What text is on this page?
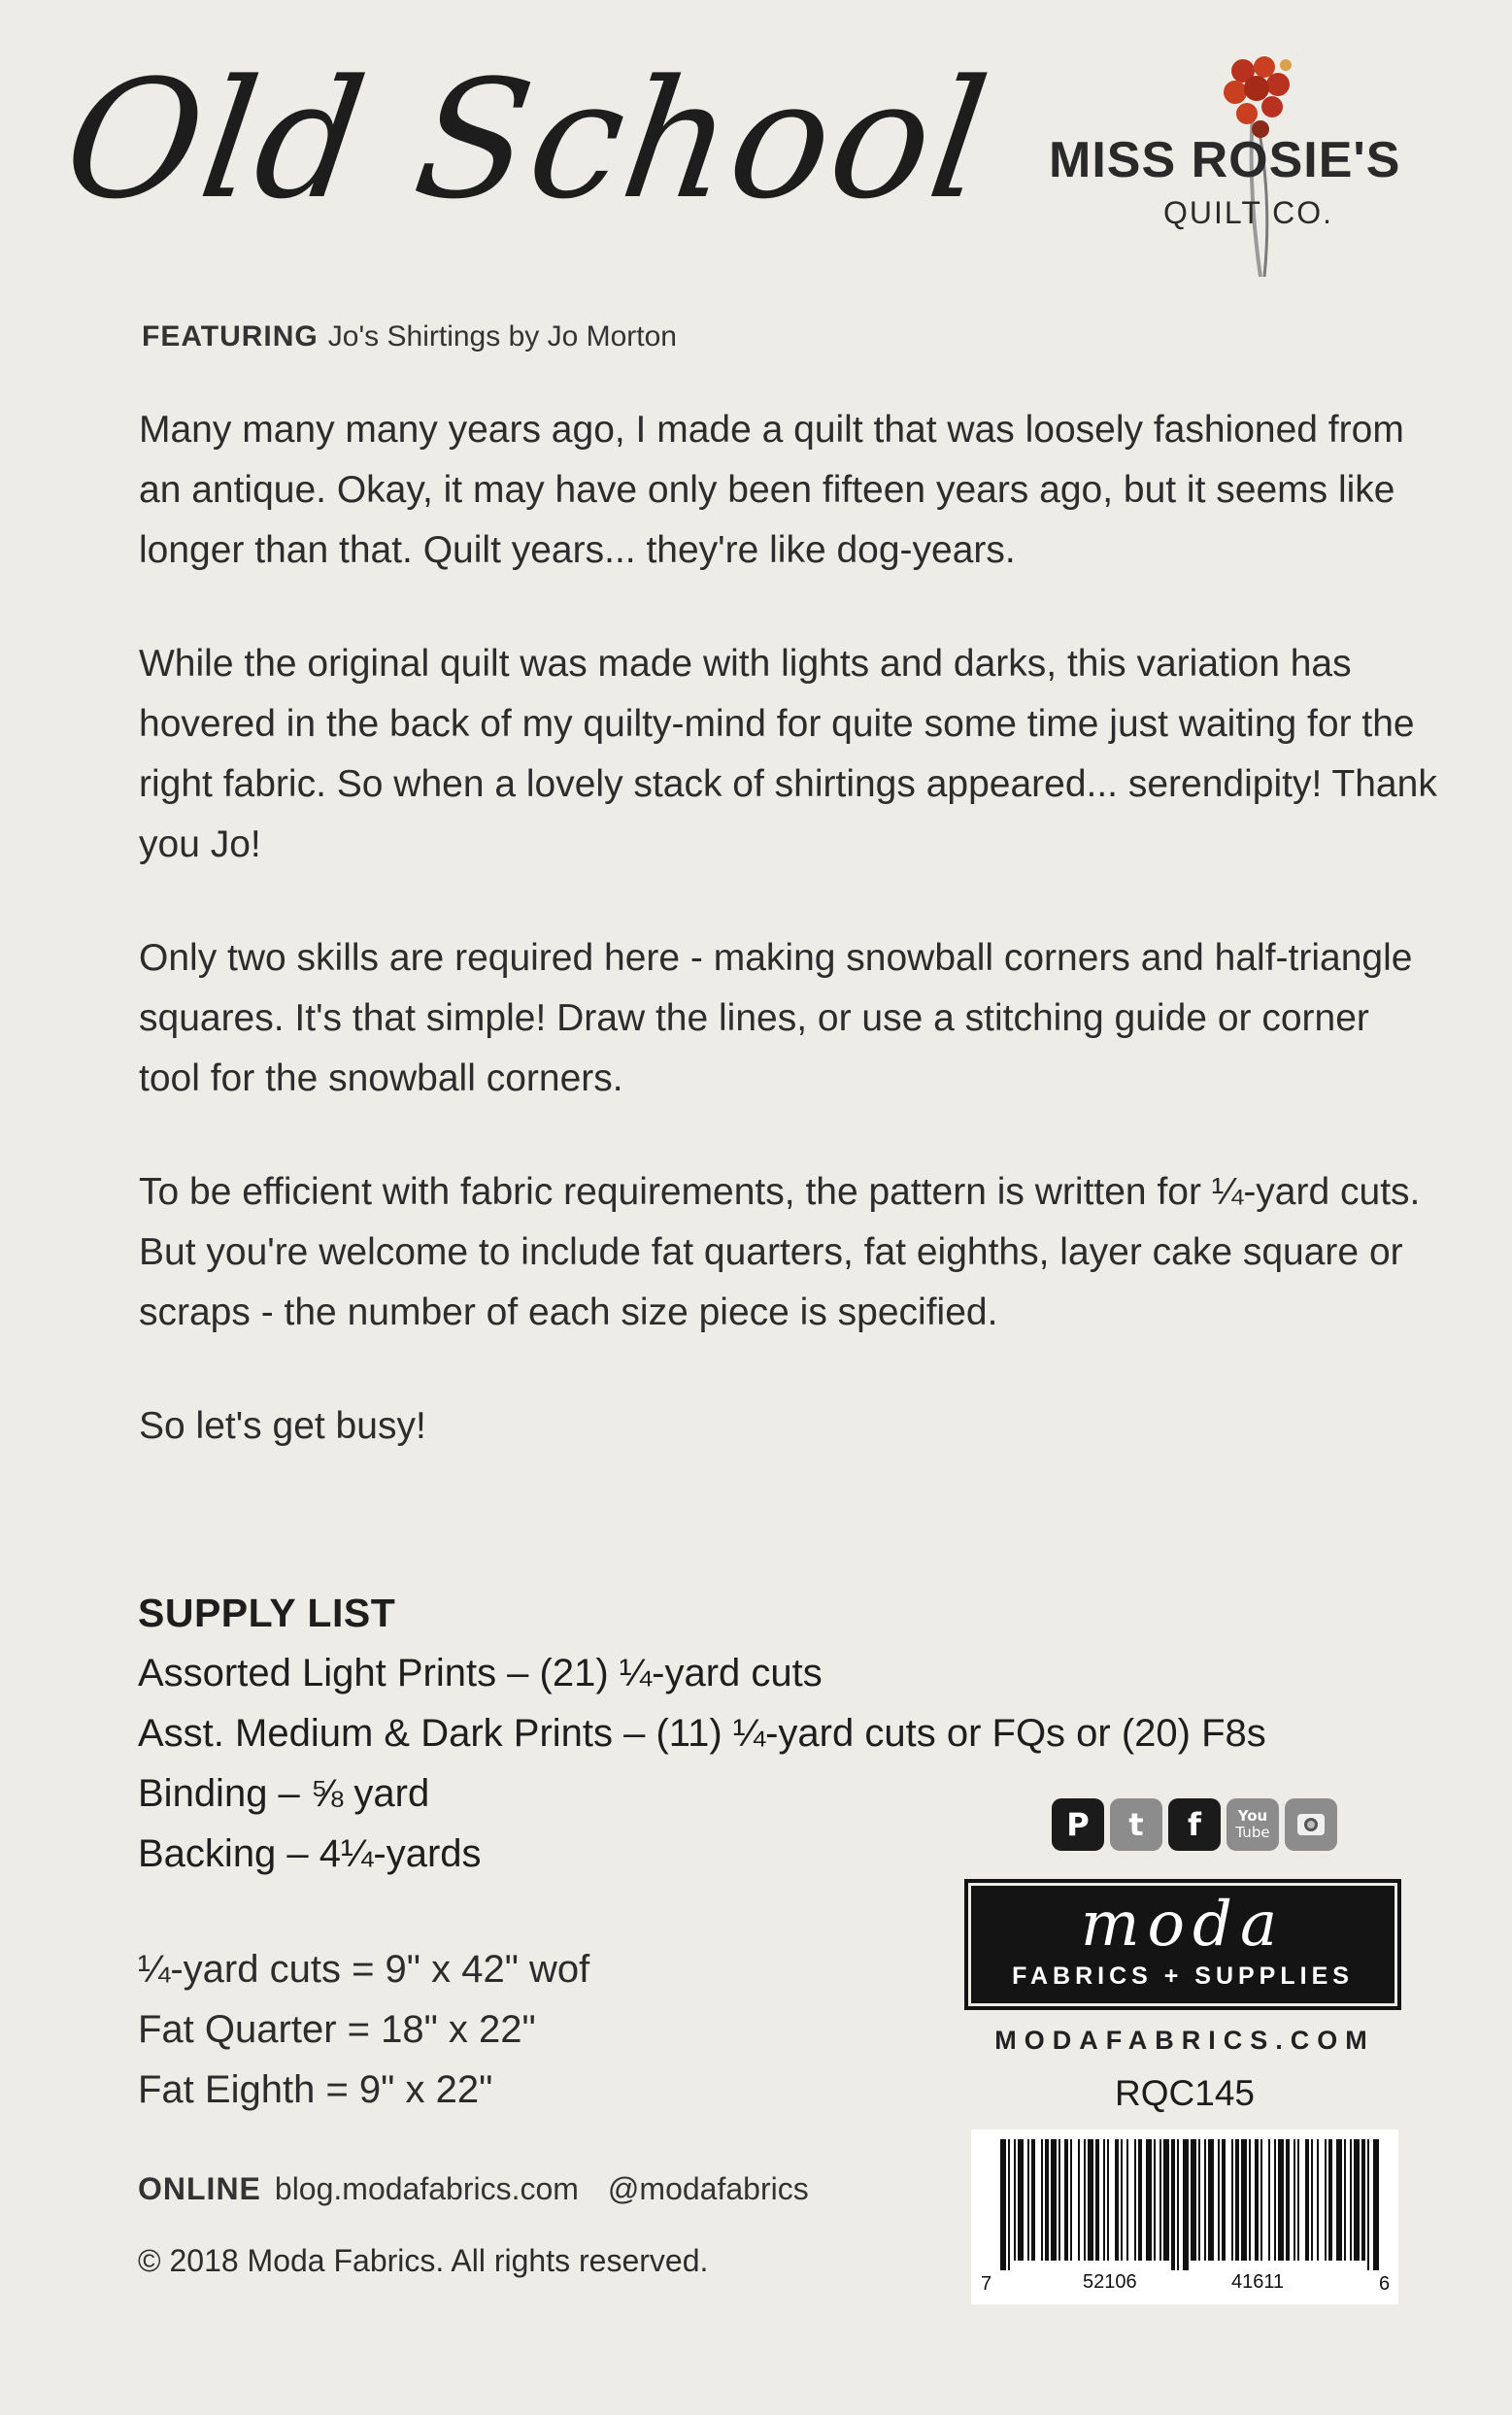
Old School MISS ROSIE'S
QUILT CO.
FEATURING Jo's Shirtings by Jo Morton

Many many many years ago, I made a quilt that was loosely fashioned from an antique. Okay, it may have only been fifteen years ago, but it seems like longer than that. Quilt years... they're like dog-years.

While the original quilt was made with lights and darks, this variation has hovered in the back of my quilty-mind for quite some time just waiting for the right fabric. So when a lovely stack of shirtings appeared... serendipity! Thank you Jo!

Only two skills are required here - making snowball corners and half-triangle squares. It's that simple! Draw the lines, or use a stitching guide or corner tool for the snowball corners.

To be efficient with fabric requirements, the pattern is written for ¼-yard cuts. But you're welcome to include fat quarters, fat eighths, layer cake square or scraps - the number of each size piece is specified.

So let's get busy!

SUPPLY LIST
Assorted Light Prints – (21) ¼-yard cuts
Asst. Medium & Dark Prints – (11) ¼-yard cuts or FQs or (20) F8s
Binding – ⅝ yard
Backing – 4¼-yards
¼-yard cuts = 9" x 42" wof
Fat Quarter = 18" x 22"
Fat Eighth = 9" x 22"
ONLINE blog.modafabrics.com @modafabrics
© 2018 Moda Fabrics. All rights reserved.
P t f	You
Tube
moda
FABRICS + SUPPLIES
MODAFABRICS.COM
RQC145
7	52106	41611	6
